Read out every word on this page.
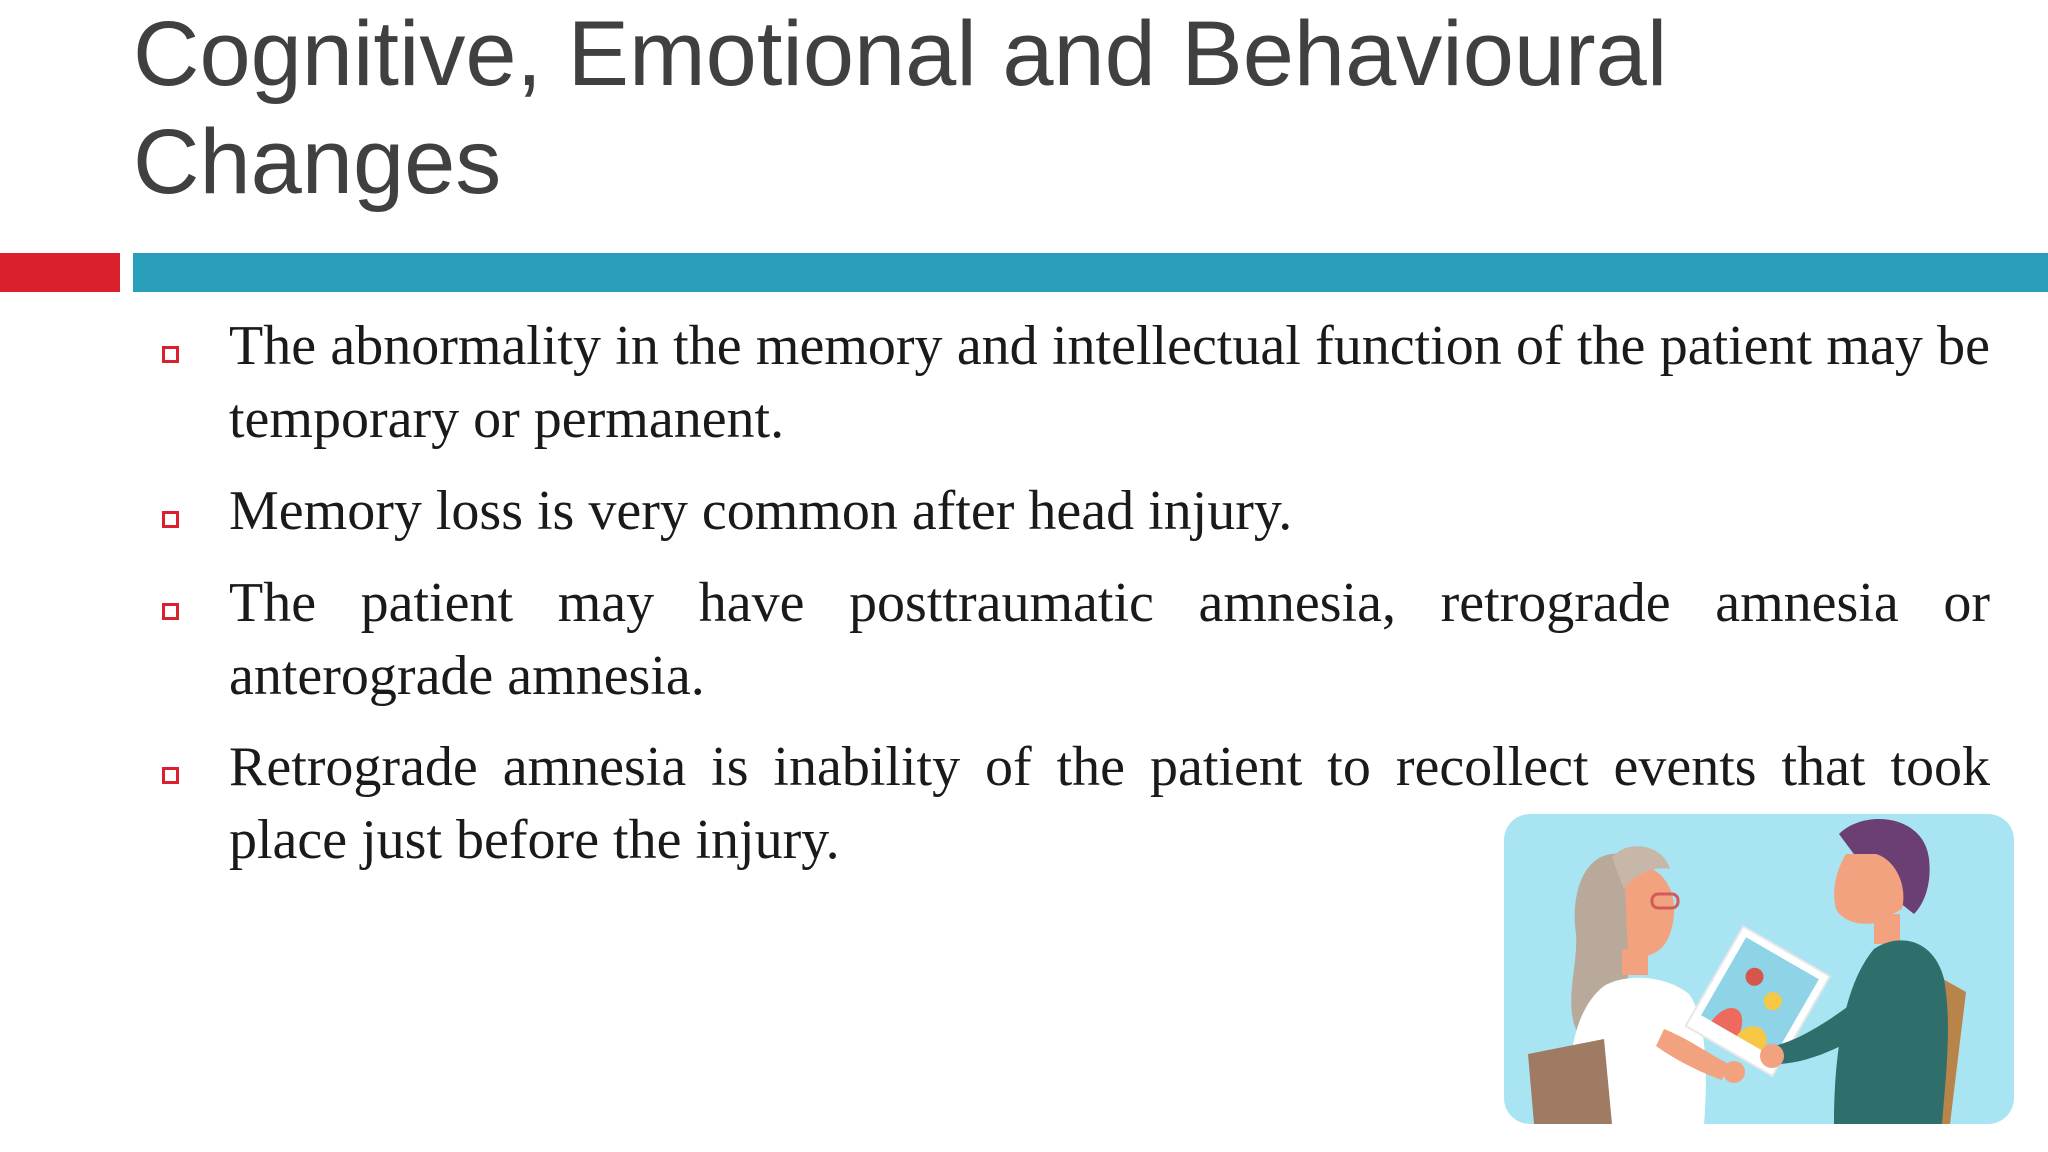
Cognitive, Emotional and Behavioural
Changes

The abnormality in the memory and intellectual function of the patient may be temporary or permanent.

Memory loss is very common after head injury.

The patient may have posttraumatic amnesia, retrograde amnesia or anterograde amnesia.

Retrograde amnesia is inability of the patient to recollect events that took place just before the injury.
